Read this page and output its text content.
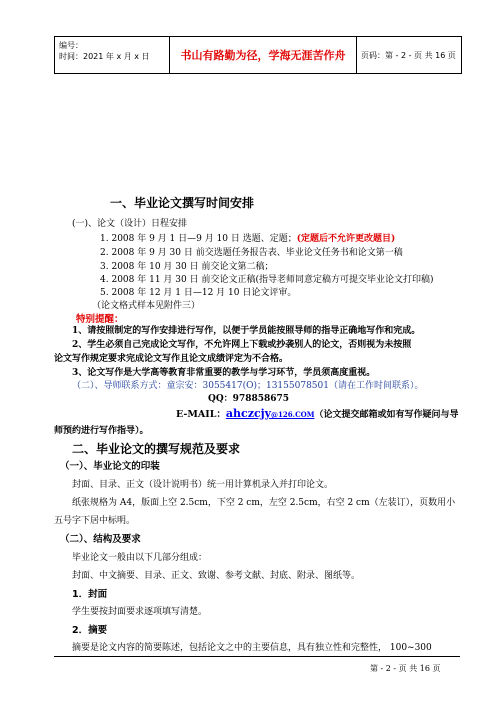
编号：
时间：2021 年 x 月 x 日	书山有路勤为径，学海无涯苦作舟	页码：第 - 2 - 页 共 16 页
一、毕业论文撰写时间安排
(一)、论文（设计）日程安排
1. 2008 年 9 月 1 日—9 月 10 日 选题、定题；(定题后不允许更改题目)
2. 2008 年 9 月 30 日 前交选题任务报告表、毕业论文任务书和论文第一稿
3. 2008 年 10 月 30 日 前交论文第二稿；
4. 2008 年 11 月 30 日 前交论文正稿(指导老师同意定稿方可提交毕业论文打印稿)
5. 2008 年 12 月 1 日—12 月 10 日论文评审。
（论文格式样本见附件三）
特别提醒：
1、请按照制定的写作安排进行写作，以便于学员能按照导师的指导正确地写作和完成。
2、学生必须自己完成论文写作，不允许网上下载或抄袭别人的论文，否则视为未按照
论文写作规定要求完成论文写作且论文成绩评定为不合格。
3、论文写作是大学高等教育非常重要的教学与学习环节，学员须高度重视。
（二）、导师联系方式：童宗安：3055417(O)；13155078501（请在工作时间联系）。
QQ：978858675
E-MAIL：ahczcjy@126.COM（论文提交邮箱或如有写作疑问与导
师预约进行写作指导）。
二、毕业论文的撰写规范及要求
（一）、毕业论文的印装
封面、目录、正文（设计说明书）统一用计算机录入并打印论文。
纸张规格为 A4，版面上空 2.5cm，下空 2 cm，左空 2.5cm，右空 2 cm（左装订），页数用小
五号字下居中标明。
（二）、结构及要求
毕业论文一般由以下几部分组成：
封面、中文摘要、目录、正文、致谢、参考文献、封底、附录、图纸等。
1．封面
学生要按封面要求逐项填写清楚。
2．摘要
摘要是论文内容的简要陈述，包括论文之中的主要信息，具有独立性和完整性， 100~300
第 - 2 - 页 共 16 页
